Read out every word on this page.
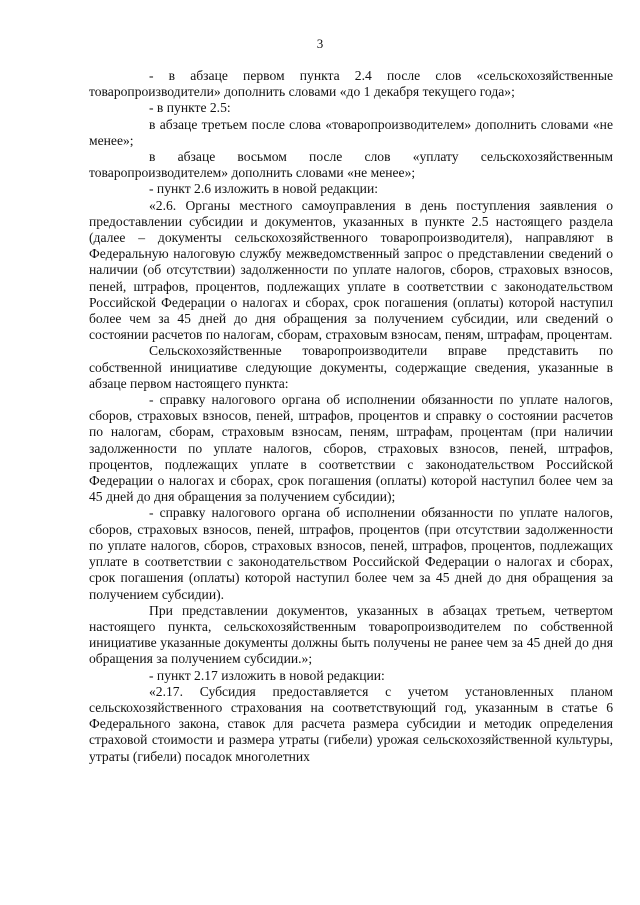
3

- в абзаце первом пункта 2.4 после слов «сельскохозяйственные товаропроизводители» дополнить словами «до 1 декабря текущего года»;

- в пункте 2.5:

в абзаце третьем после слова «товаропроизводителем» дополнить словами «не менее»;

в абзаце восьмом после слов «уплату сельскохозяйственным товаропроизводителем» дополнить словами «не менее»;

- пункт 2.6 изложить в новой редакции:

«2.6. Органы местного самоуправления в день поступления заявления о предоставлении субсидии и документов, указанных в пункте 2.5 настоящего раздела (далее – документы сельскохозяйственного товаропроизводителя), направляют в Федеральную налоговую службу межведомственный запрос о представлении сведений о наличии (об отсутствии) задолженности по уплате налогов, сборов, страховых взносов, пеней, штрафов, процентов, подлежащих уплате в соответствии с законодательством Российской Федерации о налогах и сборах, срок погашения (оплаты) которой наступил более чем за 45 дней до дня обращения за получением субсидии, или сведений о состоянии расчетов по налогам, сборам, страховым взносам, пеням, штрафам, процентам.

Сельскохозяйственные товаропроизводители вправе представить по собственной инициативе следующие документы, содержащие сведения, указанные в абзаце первом настоящего пункта:

- справку налогового органа об исполнении обязанности по уплате налогов, сборов, страховых взносов, пеней, штрафов, процентов и справку о состоянии расчетов по налогам, сборам, страховым взносам, пеням, штрафам, процентам (при наличии задолженности по уплате налогов, сборов, страховых взносов, пеней, штрафов, процентов, подлежащих уплате в соответствии с законодательством Российской Федерации о налогах и сборах, срок погашения (оплаты) которой наступил более чем за 45 дней до дня обращения за получением субсидии);

- справку налогового органа об исполнении обязанности по уплате налогов, сборов, страховых взносов, пеней, штрафов, процентов (при отсутствии задолженности по уплате налогов, сборов, страховых взносов, пеней, штрафов, процентов, подлежащих уплате в соответствии с законодательством Российской Федерации о налогах и сборах, срок погашения (оплаты) которой наступил более чем за 45 дней до дня обращения за получением субсидии).

При представлении документов, указанных в абзацах третьем, четвертом настоящего пункта, сельскохозяйственным товаропроизводителем по собственной инициативе указанные документы должны быть получены не ранее чем за 45 дней до дня обращения за получением субсидии.»;

- пункт 2.17 изложить в новой редакции:

«2.17. Субсидия предоставляется с учетом установленных планом сельскохозяйственного страхования на соответствующий год, указанным в статье 6 Федерального закона, ставок для расчета размера субсидии и методик определения страховой стоимости и размера утраты (гибели) урожая сельскохозяйственной культуры, утраты (гибели) посадок многолетних
